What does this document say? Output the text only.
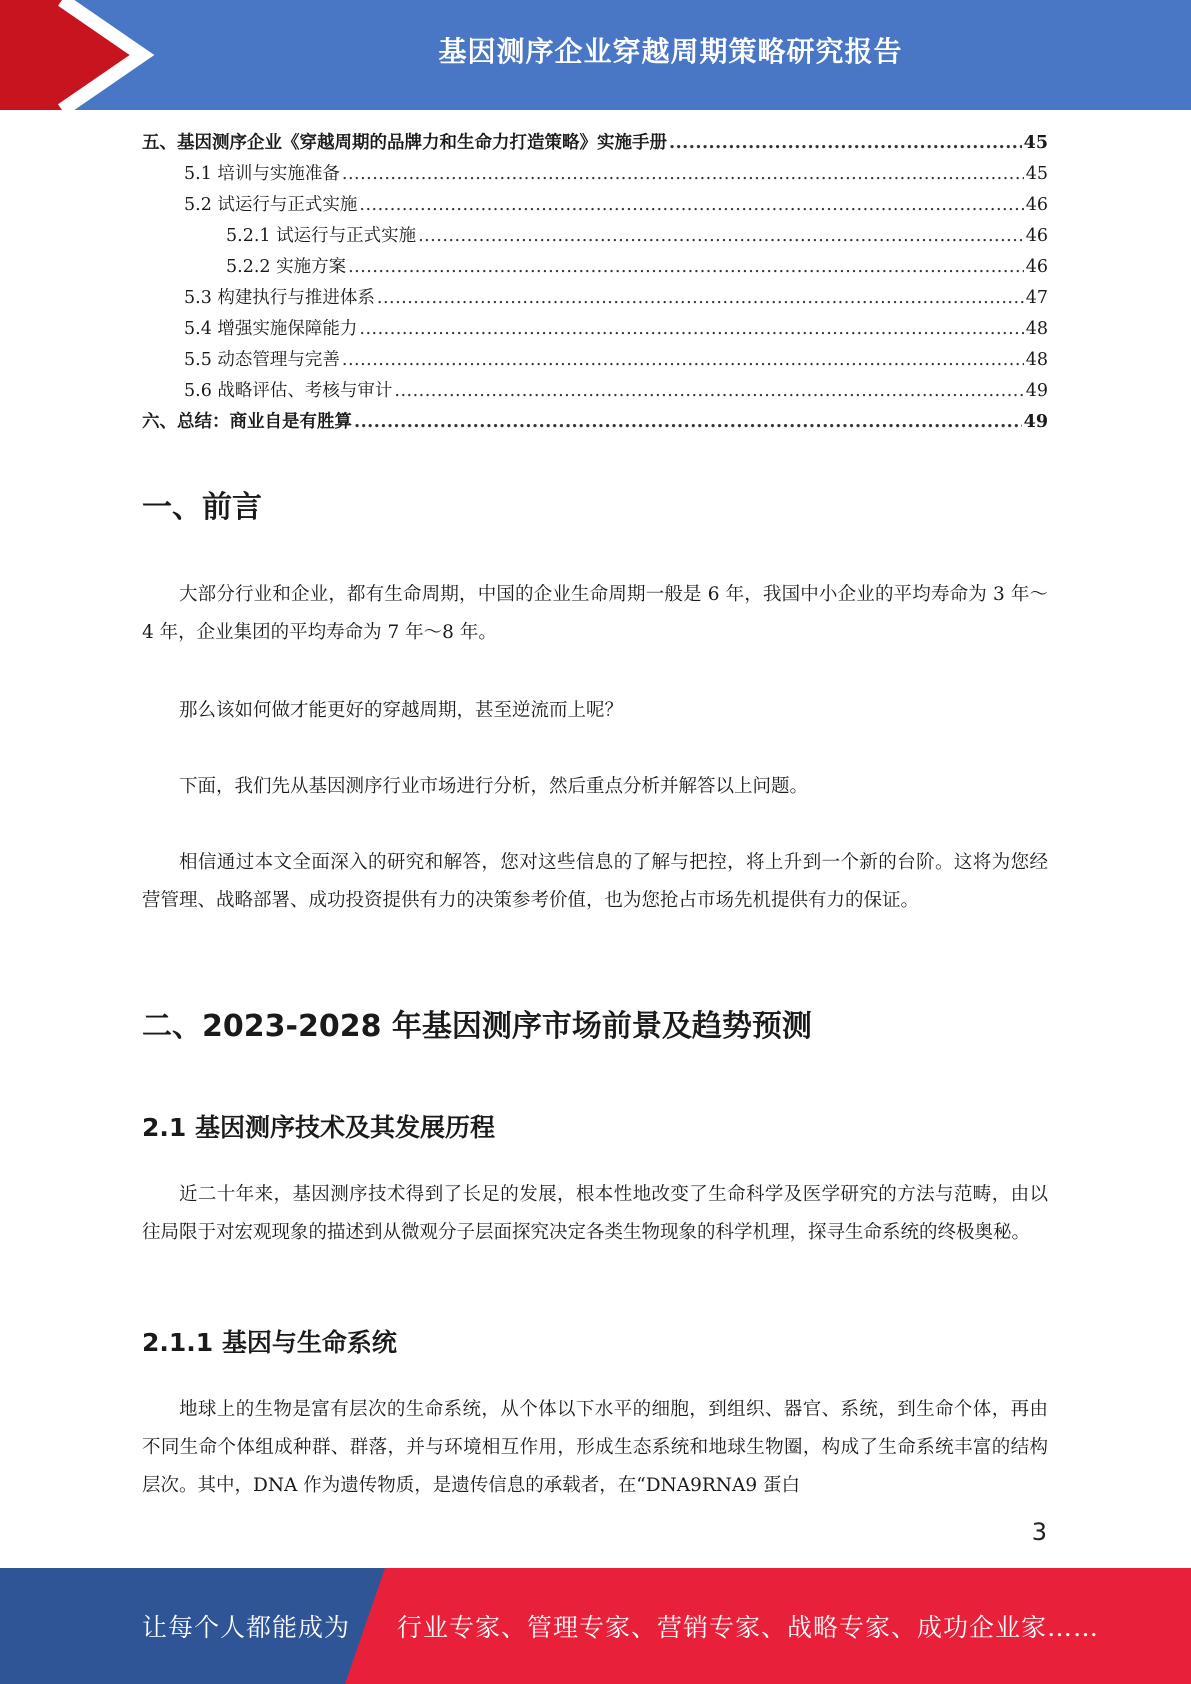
基因测序企业穿越周期策略研究报告
五、基因测序企业《穿越周期的品牌力和生命力打造策略》实施手册 .....	45
5.1 培训与实施准备 .....	45
5.2 试运行与正式实施 .....	46
5.2.1 试运行与正式实施 .....	46
5.2.2 实施方案 .....	46
5.3 构建执行与推进体系 .....	47
5.4 增强实施保障能力 .....	48
5.5 动态管理与完善 .....	48
5.6 战略评估、考核与审计 .....	49
六、总结：商业自是有胜算 .....	49
一、前言

大部分行业和企业，都有生命周期，中国的企业生命周期一般是 6 年，我国中小企业的平均寿命为 3 年～4 年，企业集团的平均寿命为 7 年～8 年。

那么该如何做才能更好的穿越周期，甚至逆流而上呢？

下面，我们先从基因测序行业市场进行分析，然后重点分析并解答以上问题。

相信通过本文全面深入的研究和解答，您对这些信息的了解与把控，将上升到一个新的台阶。这将为您经营管理、战略部署、成功投资提供有力的决策参考价值，也为您抢占市场先机提供有力的保证。

二、2023-2028 年基因测序市场前景及趋势预测
2.1 基因测序技术及其发展历程

近二十年来，基因测序技术得到了长足的发展，根本性地改变了生命科学及医学研究的方法与范畴，由以往局限于对宏观现象的描述到从微观分子层面探究决定各类生物现象的科学机理，探寻生命系统的终极奥秘。

2.1.1 基因与生命系统

地球上的生物是富有层次的生命系统，从个体以下水平的细胞，到组织、器官、系统，到生命个体，再由不同生命个体组成种群、群落，并与环境相互作用，形成生态系统和地球生物圈，构成了生命系统丰富的结构层次。其中，DNA 作为遗传物质，是遗传信息的承载者，在“DNA9RNA9 蛋白

3
让每个人都能成为 行业专家、管理专家、营销专家、战略专家、成功企业家……
